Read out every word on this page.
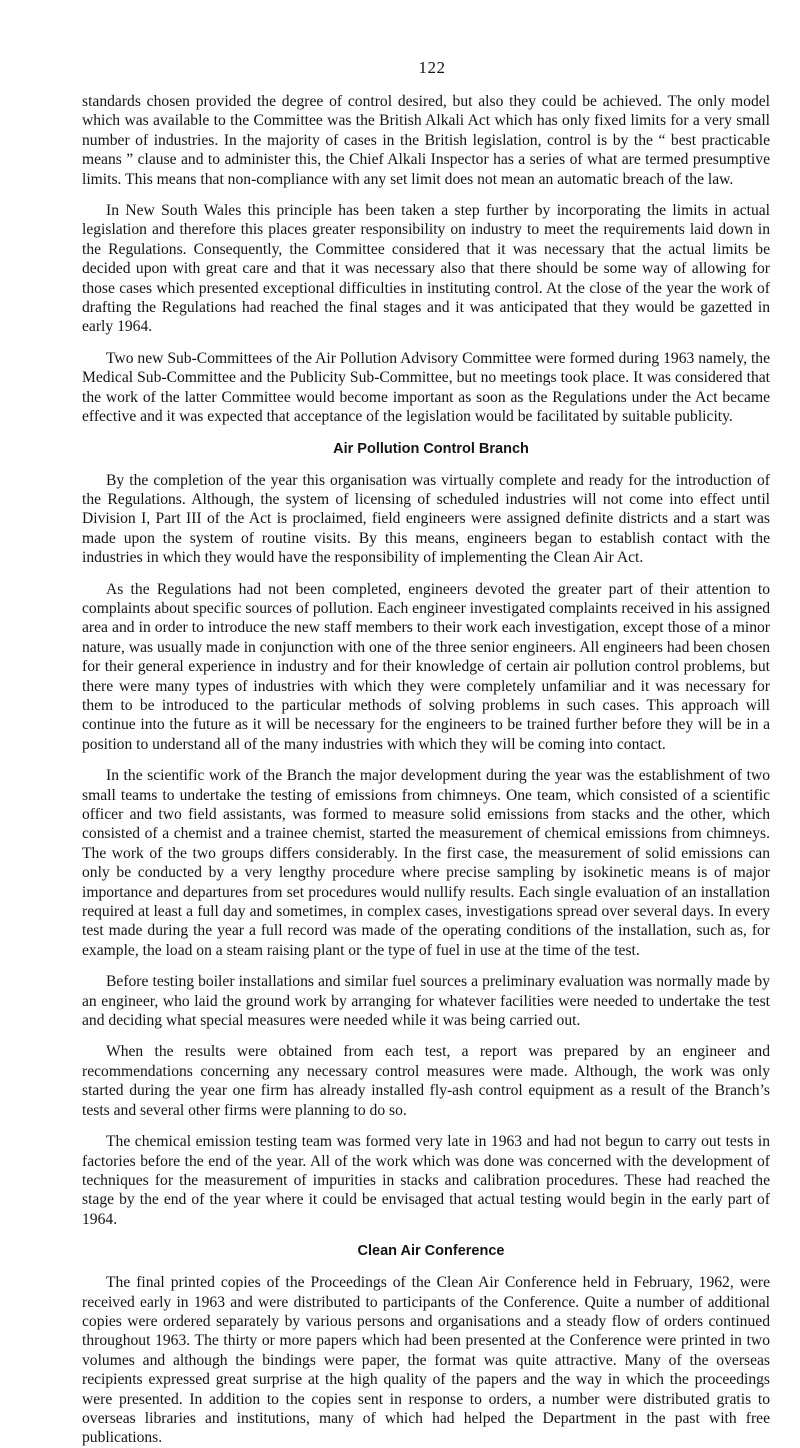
122

standards chosen provided the degree of control desired, but also they could be achieved. The only model which was available to the Committee was the British Alkali Act which has only fixed limits for a very small number of industries. In the majority of cases in the British legislation, control is by the “ best practicable means ” clause and to administer this, the Chief Alkali Inspector has a series of what are termed presumptive limits. This means that non-compliance with any set limit does not mean an automatic breach of the law.

In New South Wales this principle has been taken a step further by incorporating the limits in actual legislation and therefore this places greater responsibility on industry to meet the requirements laid down in the Regulations. Consequently, the Committee considered that it was necessary that the actual limits be decided upon with great care and that it was necessary also that there should be some way of allowing for those cases which presented exceptional difficulties in instituting control. At the close of the year the work of drafting the Regulations had reached the final stages and it was anticipated that they would be gazetted in early 1964.

Two new Sub-Committees of the Air Pollution Advisory Committee were formed during 1963 namely, the Medical Sub-Committee and the Publicity Sub-Committee, but no meetings took place. It was considered that the work of the latter Committee would become important as soon as the Regulations under the Act became effective and it was expected that acceptance of the legislation would be facilitated by suitable publicity.

Air Pollution Control Branch

By the completion of the year this organisation was virtually complete and ready for the introduction of the Regulations. Although, the system of licensing of scheduled industries will not come into effect until Division I, Part III of the Act is proclaimed, field engineers were assigned definite districts and a start was made upon the system of routine visits. By this means, engineers began to establish contact with the industries in which they would have the responsibility of implementing the Clean Air Act.

As the Regulations had not been completed, engineers devoted the greater part of their attention to complaints about specific sources of pollution. Each engineer investigated complaints received in his assigned area and in order to introduce the new staff members to their work each investigation, except those of a minor nature, was usually made in conjunction with one of the three senior engineers. All engineers had been chosen for their general experience in industry and for their knowledge of certain air pollution control problems, but there were many types of industries with which they were completely unfamiliar and it was necessary for them to be introduced to the particular methods of solving problems in such cases. This approach will continue into the future as it will be necessary for the engineers to be trained further before they will be in a position to understand all of the many industries with which they will be coming into contact.

In the scientific work of the Branch the major development during the year was the establishment of two small teams to undertake the testing of emissions from chimneys. One team, which consisted of a scientific officer and two field assistants, was formed to measure solid emissions from stacks and the other, which consisted of a chemist and a trainee chemist, started the measurement of chemical emissions from chimneys. The work of the two groups differs considerably. In the first case, the measurement of solid emissions can only be conducted by a very lengthy procedure where precise sampling by isokinetic means is of major importance and departures from set procedures would nullify results. Each single evaluation of an installation required at least a full day and sometimes, in complex cases, investigations spread over several days. In every test made during the year a full record was made of the operating conditions of the installation, such as, for example, the load on a steam raising plant or the type of fuel in use at the time of the test.

Before testing boiler installations and similar fuel sources a preliminary evaluation was normally made by an engineer, who laid the ground work by arranging for whatever facilities were needed to undertake the test and deciding what special measures were needed while it was being carried out.

When the results were obtained from each test, a report was prepared by an engineer and recommendations concerning any necessary control measures were made. Although, the work was only started during the year one firm has already installed fly-ash control equipment as a result of the Branch’s tests and several other firms were planning to do so.

The chemical emission testing team was formed very late in 1963 and had not begun to carry out tests in factories before the end of the year. All of the work which was done was concerned with the development of techniques for the measurement of impurities in stacks and calibration procedures. These had reached the stage by the end of the year where it could be envisaged that actual testing would begin in the early part of 1964.

Clean Air Conference

The final printed copies of the Proceedings of the Clean Air Conference held in February, 1962, were received early in 1963 and were distributed to participants of the Conference. Quite a number of additional copies were ordered separately by various persons and organisations and a steady flow of orders continued throughout 1963. The thirty or more papers which had been presented at the Conference were printed in two volumes and although the bindings were paper, the format was quite attractive. Many of the overseas recipients expressed great surprise at the high quality of the papers and the way in which the proceedings were presented. In addition to the copies sent in response to orders, a number were distributed gratis to overseas libraries and institutions, many of which had helped the Department in the past with free publications.
